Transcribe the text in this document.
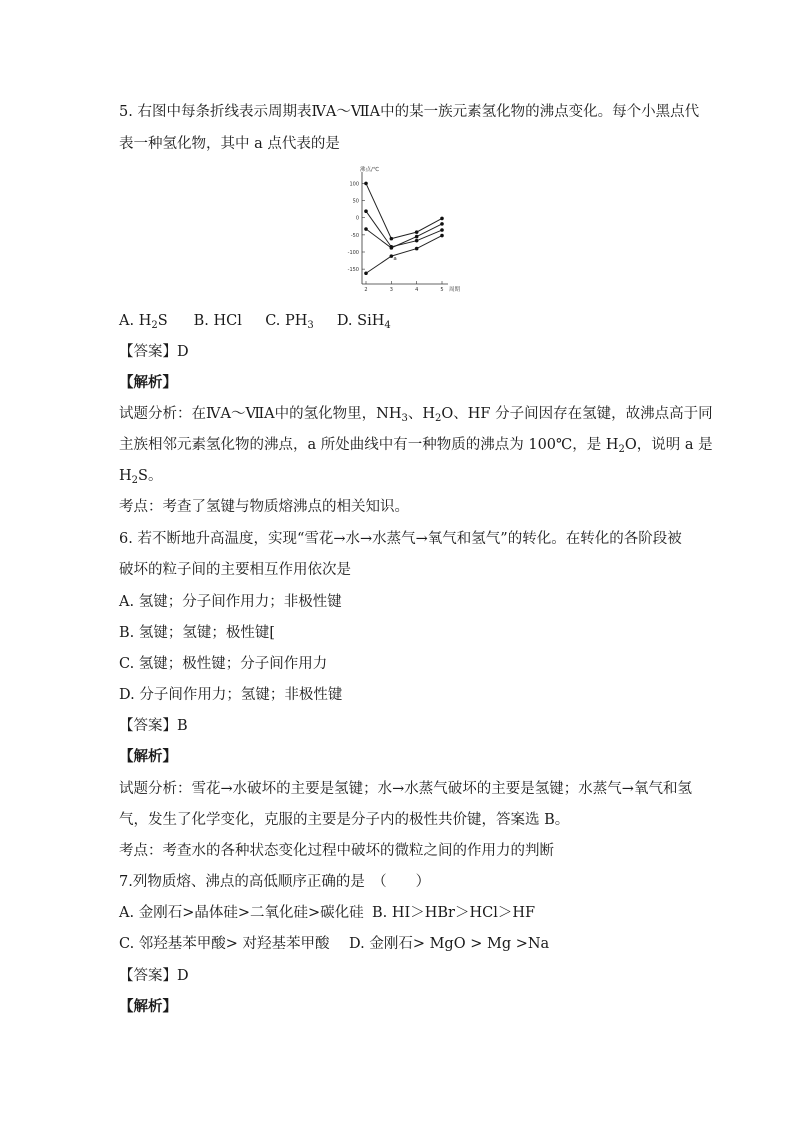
5. 右图中每条折线表示周期表ⅣA～ⅦA中的某一族元素氢化物的沸点变化。每个小黑点代
表一种氢化物，其中 a 点代表的是
100
50
0
-50
-100
-150
2	3	4	5
沸点/℃
周期
a
A. $H_2S$ B. HCl C. $PH_3$ D. SiH$_4$
【答案】D
【解析】
试题分析：在ⅣA～ⅦA中的氢化物里，$NH_3$、$H_2O$、HF 分子间因存在氢键，故沸点高于同
主族相邻元素氢化物的沸点，a 所处曲线中有一种物质的沸点为 100℃，是 $H_2O$，说明 a 是
$H_2S$。
考点：考查了氢键与物质熔沸点的相关知识。
6. 若不断地升高温度，实现“雪花→水→水蒸气→氧气和氢气”的转化。在转化的各阶段被
破坏的粒子间的主要相互作用依次是
A. 氢键；分子间作用力；非极性键
B. 氢键；氢键；极性键[
C. 氢键；极性键；分子间作用力
D. 分子间作用力；氢键；非极性键
【答案】B
【解析】
试题分析：雪花→水破坏的主要是氢键；水→水蒸气破坏的主要是氢键；水蒸气→氧气和氢
气，发生了化学变化，克服的主要是分子内的极性共价键，答案选 B。
考点：考查水的各种状态变化过程中破坏的微粒之间的作用力的判断
7.列物质熔、沸点的高低顺序正确的是　（　　）
A. 金刚石>晶体硅>二氧化硅>碳化硅 B. HI＞HBr＞HCl＞HF
C. 邻羟基苯甲酸> 对羟基苯甲酸 D. 金刚石> MgO > Mg >Na
【答案】D
【解析】
